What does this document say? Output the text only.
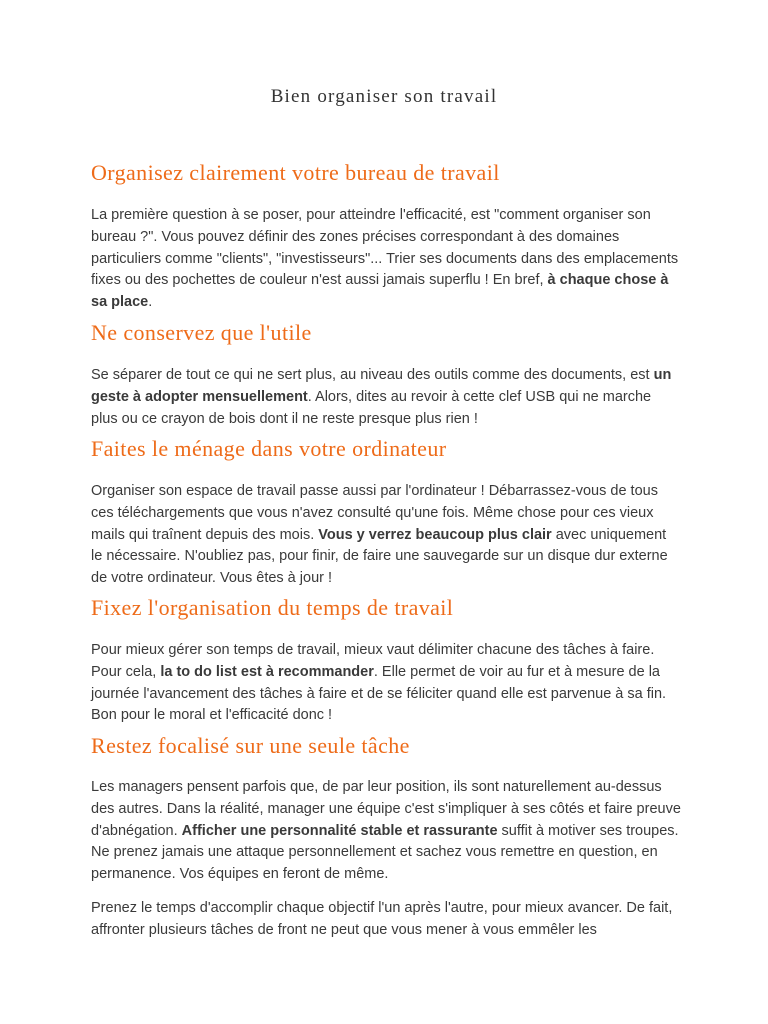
Bien organiser son travail
Organisez clairement votre bureau de travail

La première question à se poser, pour atteindre l'efficacité, est "comment organiser son bureau ?". Vous pouvez définir des zones précises correspondant à des domaines particuliers comme "clients", "investisseurs"... Trier ses documents dans des emplacements fixes ou des pochettes de couleur n'est aussi jamais superflu ! En bref, à chaque chose à sa place.

Ne conservez que l'utile

Se séparer de tout ce qui ne sert plus, au niveau des outils comme des documents, est un geste à adopter mensuellement. Alors, dites au revoir à cette clef USB qui ne marche plus ou ce crayon de bois dont il ne reste presque plus rien !

Faites le ménage dans votre ordinateur

Organiser son espace de travail passe aussi par l'ordinateur ! Débarrassez-vous de tous ces téléchargements que vous n'avez consulté qu'une fois. Même chose pour ces vieux mails qui traînent depuis des mois. Vous y verrez beaucoup plus clair avec uniquement le nécessaire. N'oubliez pas, pour finir, de faire une sauvegarde sur un disque dur externe de votre ordinateur. Vous êtes à jour !

Fixez l'organisation du temps de travail

Pour mieux gérer son temps de travail, mieux vaut délimiter chacune des tâches à faire. Pour cela, la to do list est à recommander. Elle permet de voir au fur et à mesure de la journée l'avancement des tâches à faire et de se féliciter quand elle est parvenue à sa fin. Bon pour le moral et l'efficacité donc !

Restez focalisé sur une seule tâche

Les managers pensent parfois que, de par leur position, ils sont naturellement au-dessus des autres. Dans la réalité, manager une équipe c'est s'impliquer à ses côtés et faire preuve d'abnégation. Afficher une personnalité stable et rassurante suffit à motiver ses troupes. Ne prenez jamais une attaque personnellement et sachez vous remettre en question, en permanence. Vos équipes en feront de même.

Prenez le temps d'accomplir chaque objectif l'un après l'autre, pour mieux avancer. De fait, affronter plusieurs tâches de front ne peut que vous mener à vous emmêler les
